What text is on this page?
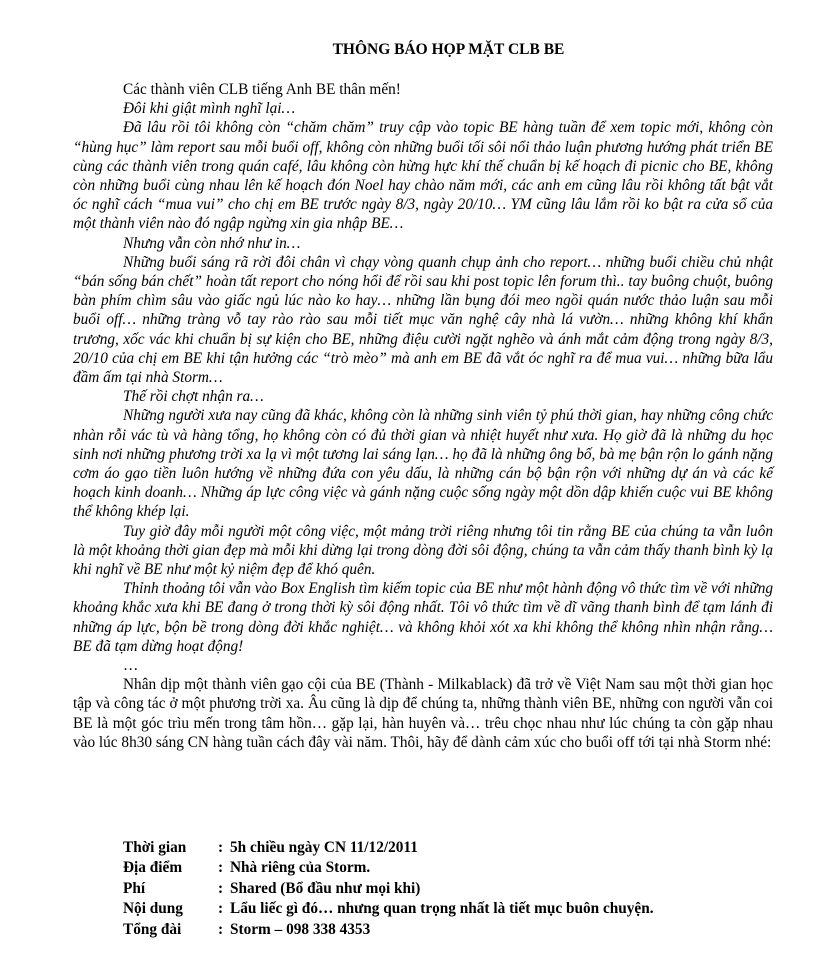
THÔNG BÁO HỌP MẶT CLB BE

Các thành viên CLB tiếng Anh BE thân mến!

Đôi khi giật mình nghĩ lại…

Đã lâu rồi tôi không còn “chăm chăm” truy cập vào topic BE hàng tuần để xem topic mới, không còn “hùng hục” làm report sau mỗi buổi off, không còn những buổi tối sôi nổi thảo luận phương hướng phát triển BE cùng các thành viên trong quán café, lâu không còn hừng hực khí thế chuẩn bị kế hoạch đi picnic cho BE, không còn những buổi cùng nhau lên kế hoạch đón Noel hay chào năm mới, các anh em cũng lâu rồi không tất bật vắt óc nghĩ cách “mua vui” cho chị em BE trước ngày 8/3, ngày 20/10… YM cũng lâu lắm rồi ko bật ra cửa sổ của một thành viên nào đó ngập ngừng xin gia nhập BE…

Nhưng vẫn còn nhớ như in…

Những buổi sáng rã rời đôi chân vì chạy vòng quanh chụp ảnh cho report… những buổi chiều chủ nhật “bán sống bán chết” hoàn tất report cho nóng hổi để rồi sau khi post topic lên forum thì.. tay buông chuột, buông bàn phím chìm sâu vào giấc ngủ lúc nào ko hay… những lần bụng đói meo ngồi quán nước thảo luận sau mỗi buổi off… những tràng vỗ tay rào rào sau mỗi tiết mục văn nghệ cây nhà lá vườn… những không khí khẩn trương, xốc vác khi chuẩn bị sự kiện cho BE, những điệu cười ngặt nghẽo và ánh mắt cảm động trong ngày 8/3, 20/10 của chị em BE khi tận hưởng các “trò mèo” mà anh em BE đã vắt óc nghĩ ra để mua vui… những bữa lẩu đầm ấm tại nhà Storm…

Thế rồi chợt nhận ra…

Những người xưa nay cũng đã khác, không còn là những sinh viên tỷ phú thời gian, hay những công chức nhàn rỗi vác tù và hàng tổng, họ không còn có đủ thời gian và nhiệt huyết như xưa. Họ giờ đã là những du học sinh nơi những phương trời xa lạ vì một tương lai sáng lạn… họ đã là những ông bố, bà mẹ bận rộn lo gánh nặng cơm áo gạo tiền luôn hướng về những đứa con yêu dấu, là những cán bộ bận rộn với những dự án và các kế hoạch kinh doanh… Những áp lực công việc và gánh nặng cuộc sống ngày một dồn dập khiến cuộc vui BE không thể không khép lại.

Tuy giờ đây mỗi người một công việc, một mảng trời riêng nhưng tôi tin rằng BE của chúng ta vẫn luôn là một khoảng thời gian đẹp mà mỗi khi dừng lại trong dòng đời sôi động, chúng ta vẫn cảm thấy thanh bình kỳ lạ khi nghĩ về BE như một kỷ niệm đẹp để khó quên.

Thỉnh thoảng tôi vẫn vào Box English tìm kiếm topic của BE như một hành động vô thức tìm về với những khoảng khắc xưa khi BE đang ở trong thời kỳ sôi động nhất. Tôi vô thức tìm về dĩ vãng thanh bình để tạm lánh đi những áp lực, bộn bề trong dòng đời khắc nghiệt… và không khỏi xót xa khi không thể không nhìn nhận rằng… BE đã tạm dừng hoạt động!

…

Nhân dịp một thành viên gạo cội của BE (Thành - Milkablack) đã trở về Việt Nam sau một thời gian học tập và công tác ở một phương trời xa. Âu cũng là dịp để chúng ta, những thành viên BE, những con người vẫn coi BE là một góc trìu mến trong tâm hồn… gặp lại, hàn huyên và… trêu chọc nhau như lúc chúng ta còn gặp nhau vào lúc 8h30 sáng CN hàng tuần cách đây vài năm. Thôi, hãy để dành cảm xúc cho buổi off tới tại nhà Storm nhé:

Thời gian	: 5h chiều ngày CN 11/12/2011
Địa điểm	: Nhà riêng của Storm.
Phí	: Shared (Bổ đầu như mọi khi)
Nội dung	: Lẩu liếc gì đó… nhưng quan trọng nhất là tiết mục buôn chuyện.
Tổng đài	: Storm – 098 338 4353
